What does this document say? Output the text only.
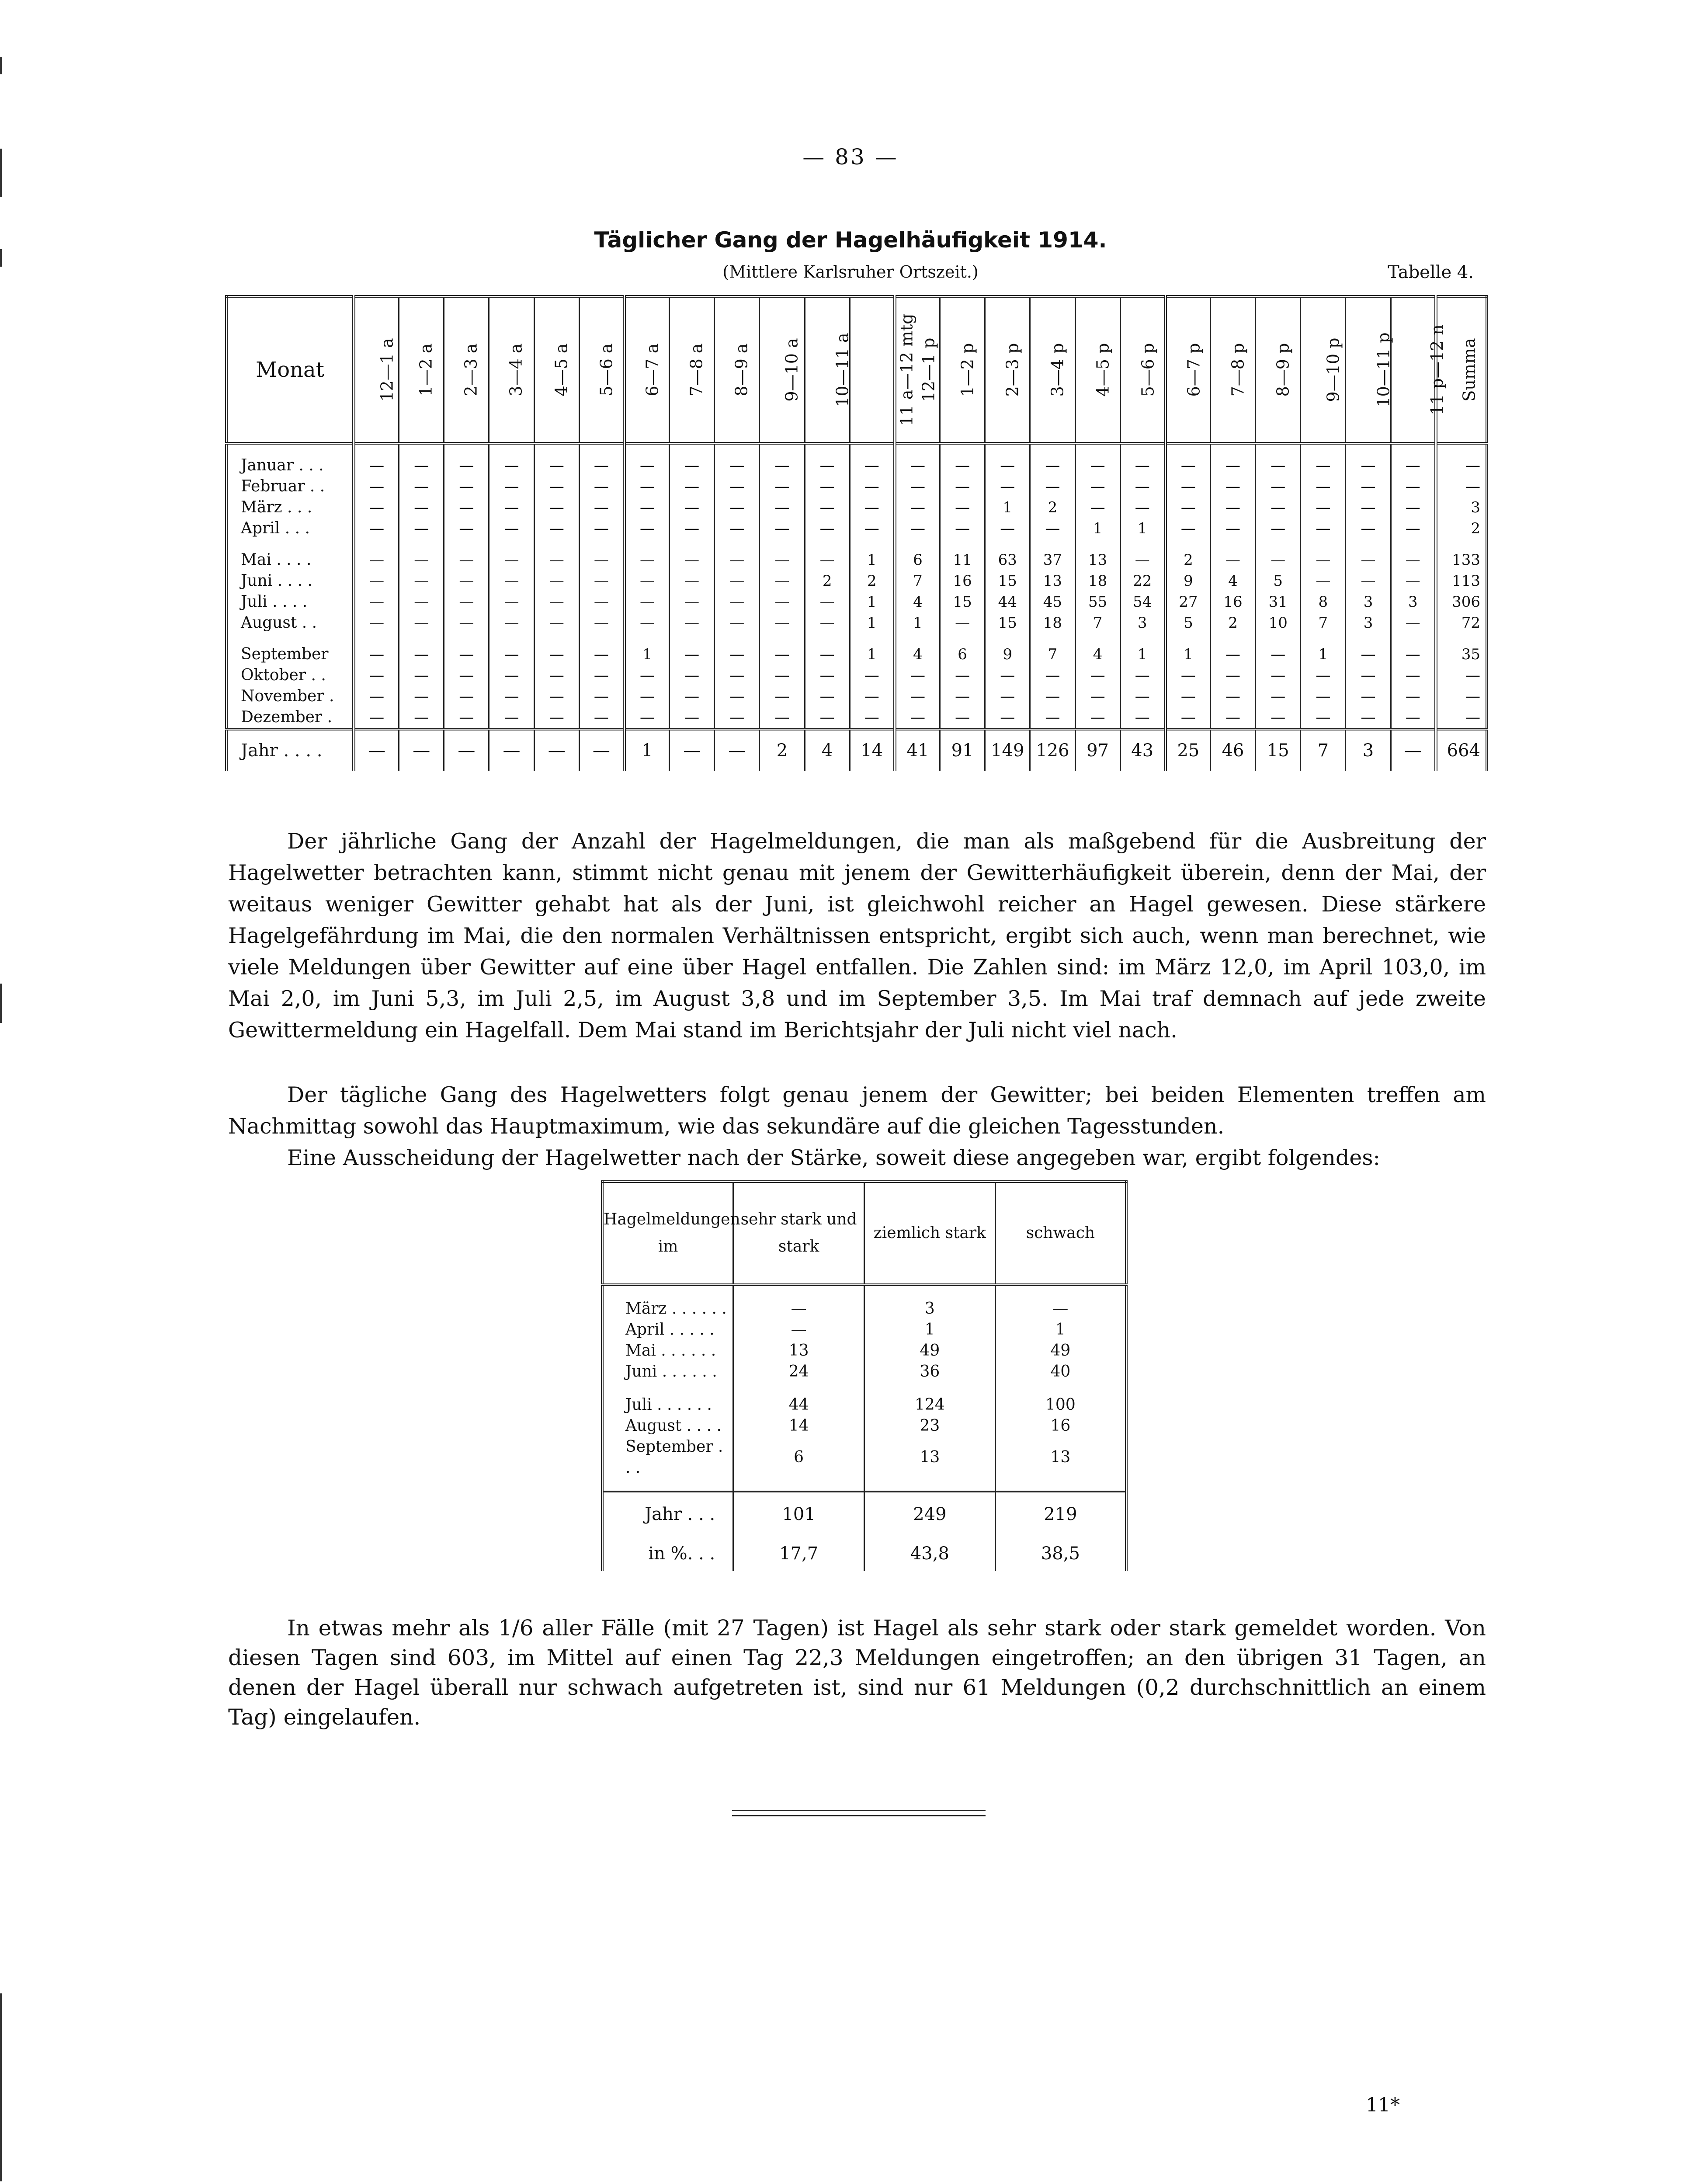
— 83 —
Täglicher Gang der Hagelhäufigkeit 1914.
(Mittlere Karlsruher Ortszeit.)	Tabelle 4.
Monat	12—1 a	1—2 a	2—3 a	3—4 a	4—5 a	5—6 a	6—7 a	7—8 a	8—9 a	9—10 a	10—11 a	11 a—12 mtg	12—1 p	1—2 p	2—3 p	3—4 p	4—5 p	5—6 p	6—7 p	7—8 p	8—9 p	9—10 p	10—11 p	11 p—12 n	Summa

Januar . . .	—	—	—	—	—	—	—	—	—	—	—	—	—	—	—	—	—	—	—	—	—	—	—	—	—
Februar . .	—	—	—	—	—	—	—	—	—	—	—	—	—	—	—	—	—	—	—	—	—	—	—	—	—
März . . .	—	—	—	—	—	—	—	—	—	—	—	—	—	—	1	2	—	—	—	—	—	—	—	—	3
April . . .	—	—	—	—	—	—	—	—	—	—	—	—	—	—	—	—	1	1	—	—	—	—	—	—	2

Mai . . . .	—	—	—	—	—	—	—	—	—	—	—	1	6	11	63	37	13	—	2	—	—	—	—	—	133
Juni . . . .	—	—	—	—	—	—	—	—	—	—	2	2	7	16	15	13	18	22	9	4	5	—	—	—	113
Juli . . . .	—	—	—	—	—	—	—	—	—	—	—	1	4	15	44	45	55	54	27	16	31	8	3	3	306
August . .	—	—	—	—	—	—	—	—	—	—	—	1	1	—	15	18	7	3	5	2	10	7	3	—	72

September	—	—	—	—	—	—	1	—	—	—	—	1	4	6	9	7	4	1	1	—	—	1	—	—	35
Oktober . .	—	—	—	—	—	—	—	—	—	—	—	—	—	—	—	—	—	—	—	—	—	—	—	—	—
November .	—	—	—	—	—	—	—	—	—	—	—	—	—	—	—	—	—	—	—	—	—	—	—	—	—
Dezember .	—	—	—	—	—	—	—	—	—	—	—	—	—	—	—	—	—	—	—	—	—	—	—	—	—
Jahr . . . .	—	—	—	—	—	—	1	—	—	2	4	14	41	91	149	126	97	43	25	46	15	7	3	—	664

Der jährliche Gang der Anzahl der Hagelmeldungen, die man als maßgebend für die Ausbreitung der Hagelwetter betrachten kann, stimmt nicht genau mit jenem der Gewitterhäufigkeit überein, denn der Mai, der weitaus weniger Gewitter gehabt hat als der Juni, ist gleichwohl reicher an Hagel gewesen. Diese stärkere Hagelgefährdung im Mai, die den normalen Verhältnissen entspricht, ergibt sich auch, wenn man berechnet, wie viele Meldungen über Gewitter auf eine über Hagel entfallen. Die Zahlen sind: im März 12,0, im April 103,0, im Mai 2,0, im Juni 5,3, im Juli 2,5, im August 3,8 und im September 3,5. Im Mai traf demnach auf jede zweite Gewittermeldung ein Hagelfall. Dem Mai stand im Berichtsjahr der Juli nicht viel nach.

Der tägliche Gang des Hagelwetters folgt genau jenem der Gewitter; bei beiden Elementen treffen am Nachmittag sowohl das Hauptmaximum, wie das sekundäre auf die gleichen Tagesstunden.

Eine Ausscheidung der Hagelwetter nach der Stärke, soweit diese angegeben war, ergibt folgendes:

Hagelmeldungen im	sehr stark und stark	ziemlich stark	schwach

März . . . . . .	—	3	—
April . . . . .	—	1	1
Mai . . . . . .	13	49	49
Juni . . . . . .	24	36	40

Juli . . . . . .	44	124	100
August . . . .	14	23	16
September . . .	6	13	13

Jahr . . .	101	249	219
in %. . .	17,7	43,8	38,5

In etwas mehr als 1/6 aller Fälle (mit 27 Tagen) ist Hagel als sehr stark oder stark gemeldet worden. Von diesen Tagen sind 603, im Mittel auf einen Tag 22,3 Meldungen eingetroffen; an den übrigen 31 Tagen, an denen der Hagel überall nur schwach aufgetreten ist, sind nur 61 Meldungen (0,2 durchschnittlich an einem Tag) eingelaufen.

11*
